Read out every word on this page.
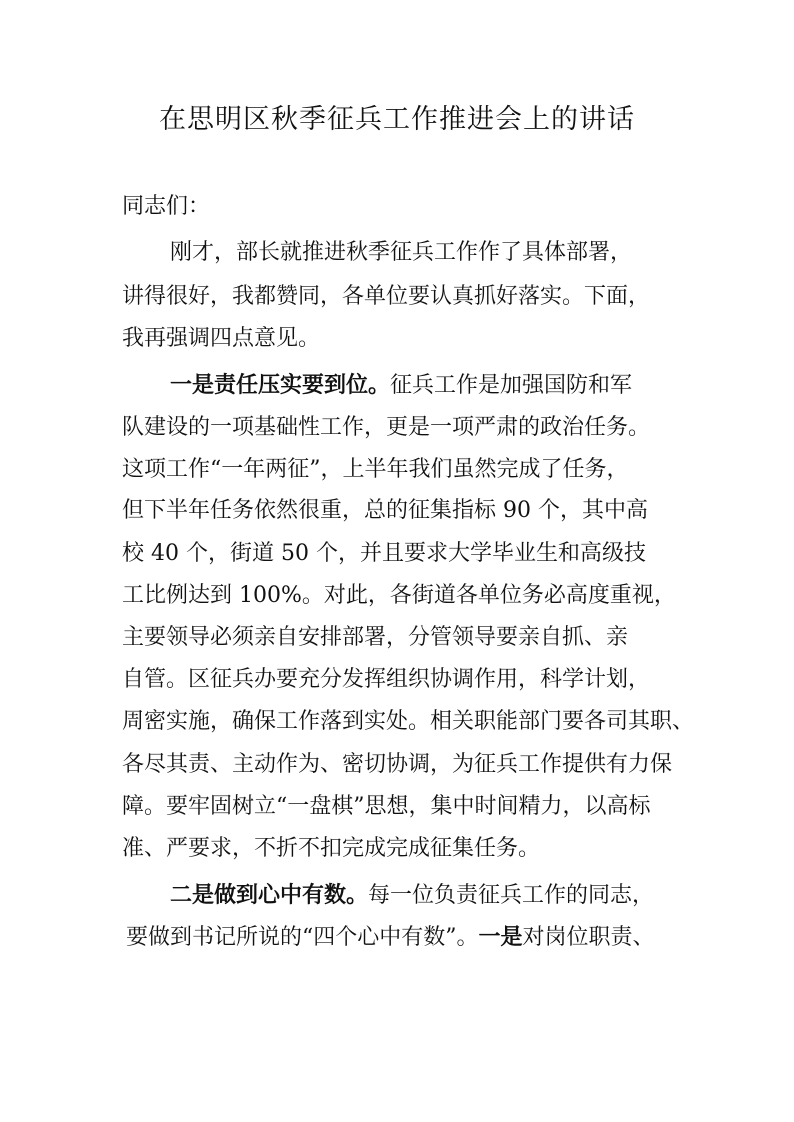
在思明区秋季征兵工作推进会上的讲话
同志们：
刚才，部长就推进秋季征兵工作作了具体部署，
讲得很好，我都赞同，各单位要认真抓好落实。下面，
我再强调四点意见。
一是责任压实要到位。征兵工作是加强国防和军
队建设的一项基础性工作，更是一项严肃的政治任务。
这项工作“一年两征”，上半年我们虽然完成了任务，
但下半年任务依然很重，总的征集指标 90 个，其中高
校 40 个，街道 50 个，并且要求大学毕业生和高级技
工比例达到 100%。对此，各街道各单位务必高度重视，
主要领导必须亲自安排部署，分管领导要亲自抓、亲
自管。区征兵办要充分发挥组织协调作用，科学计划，
周密实施，确保工作落到实处。相关职能部门要各司其职、
各尽其责、主动作为、密切协调，为征兵工作提供有力保
障。要牢固树立“一盘棋”思想，集中时间精力，以高标
准、严要求，不折不扣完成完成征集任务。
二是做到心中有数。每一位负责征兵工作的同志，
要做到书记所说的“四个心中有数”。一是对岗位职责、
